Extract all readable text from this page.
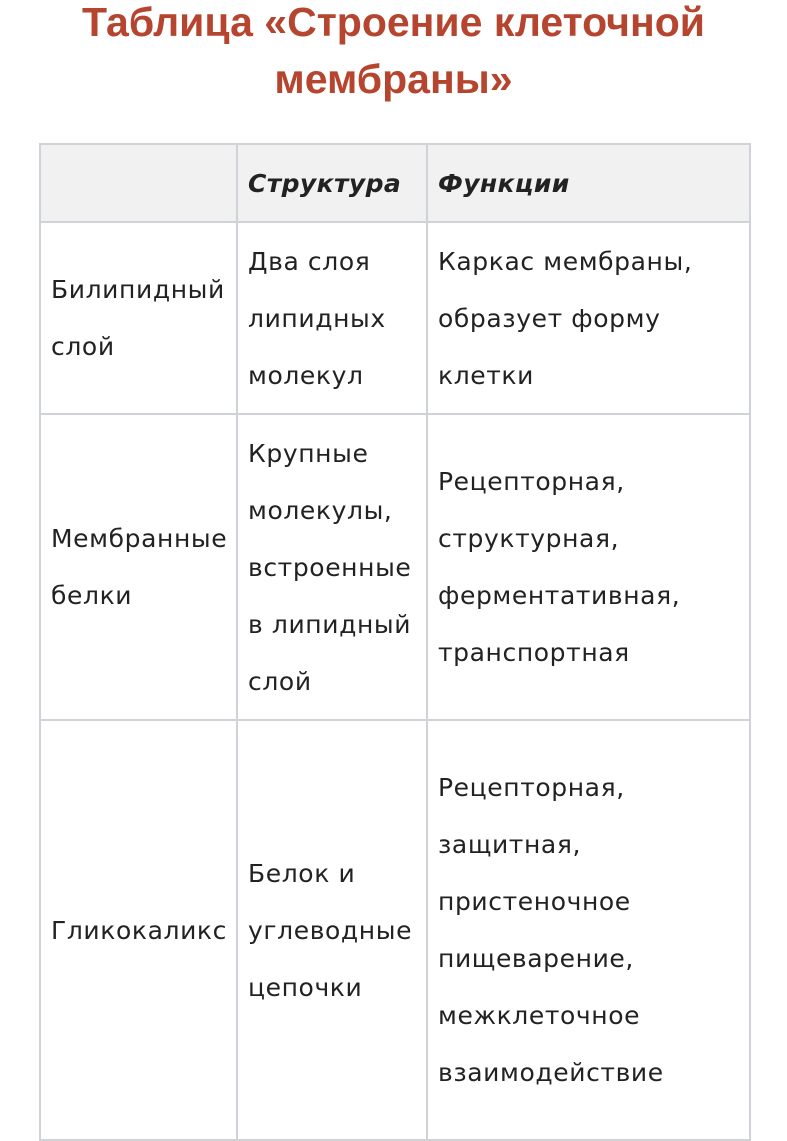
Таблица «Строение клеточной мембраны»
	Структура	Функции
Билипидный слой	Два слоя липидных молекул	Каркас мембраны, образует форму клетки
Мембранные белки	Крупные молекулы, встроенные в липидный слой	Рецепторная, структурная, ферментативная, транспортная
Гликокаликс	Белок и углеводные цепочки	Рецепторная, защитная, пристеночное пищеварение, межклеточное взаимодействие
